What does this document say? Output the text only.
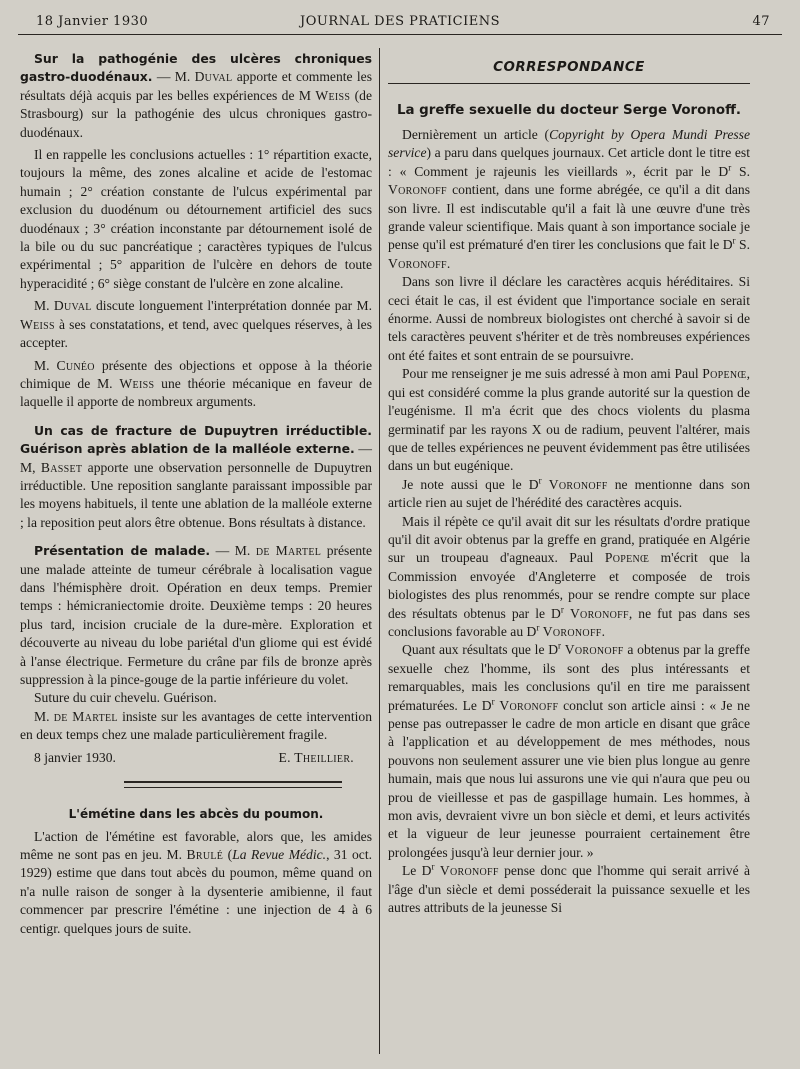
18 Janvier 1930	JOURNAL DES PRATICIENS	47

Sur la pathogénie des ulcères chroniques gastro-duodénaux. — M. Duval apporte et commente les résultats déjà acquis par les belles expériences de M Weiss (de Strasbourg) sur la pathogénie des ulcus chroniques gastro-duodénaux.

Il en rappelle les conclusions actuelles : 1° répartition exacte, toujours la même, des zones alcaline et acide de l'estomac humain ; 2° création constante de l'ulcus expérimental par exclusion du duodénum ou détournement artificiel des sucs duodénaux ; 3° création inconstante par détournement isolé de la bile ou du suc pancréatique ; caractères typiques de l'ulcus expérimental ; 5° apparition de l'ulcère en dehors de toute hyperacidité ; 6° siège constant de l'ulcère en zone alcaline.

M. Duval discute longuement l'interprétation donnée par M. Weiss à ses constatations, et tend, avec quelques réserves, à les accepter.

M. Cunéo présente des objections et oppose à la théorie chimique de M. Weiss une théorie mécanique en faveur de laquelle il apporte de nombreux arguments.

Un cas de fracture de Dupuytren irréductible. Guérison après ablation de la malléole externe. — M, Basset apporte une observation personnelle de Dupuytren irréductible. Une reposition sanglante paraissant impossible par les moyens habituels, il tente une ablation de la malléole externe ; la reposition peut alors être obtenue. Bons résultats à distance.

Présentation de malade. — M. de Martel présente une malade atteinte de tumeur cérébrale à localisation vague dans l'hémisphère droit. Opération en deux temps. Premier temps : hémicraniectomie droite. Deuxième temps : 20 heures plus tard, incision cruciale de la dure-mère. Exploration et découverte au niveau du lobe pariétal d'un gliome qui est évidé à l'anse électrique. Fermeture du crâne par fils de bronze après suppression à la pince-gouge de la partie inférieure du volet.

Suture du cuir chevelu. Guérison.

M. de Martel insiste sur les avantages de cette intervention en deux temps chez une malade particulièrement fragile.

8 janvier 1930.	E. Theillier.
L'émétine dans les abcès du poumon.

L'action de l'émétine est favorable, alors que, les amides même ne sont pas en jeu. M. Brulé (La Revue Médic., 31 oct. 1929) estime que dans tout abcès du poumon, même quand on n'a nulle raison de songer à la dysenterie amibienne, il faut commencer par prescrire l'émétine : une injection de 4 à 6 centigr. quelques jours de suite.

CORRESPONDANCE
La greffe sexuelle du docteur Serge Voronoff.

Dernièrement un article (Copyright by Opera Mundi Presse service) a paru dans quelques journaux. Cet article dont le titre est : « Comment je rajeunis les vieillards », écrit par le $D^r$ S. Voronoff contient, dans une forme abrégée, ce qu'il a dit dans son livre. Il est indiscutable qu'il a fait là une œuvre d'une très grande valeur scientifique. Mais quant à son importance sociale je pense qu'il est prématuré d'en tirer les conclusions que fait le $D^r$ S. Voronoff.

Dans son livre il déclare les caractères acquis héréditaires. Si ceci était le cas, il est évident que l'importance sociale en serait énorme. Aussi de nombreux biologistes ont cherché à savoir si de tels caractères peuvent s'hériter et de très nombreuses expériences ont été faites et sont entrain de se poursuivre.

Pour me renseigner je me suis adressé à mon ami Paul Popenœ, qui est considéré comme la plus grande autorité sur la question de l'eugénisme. Il m'a écrit que des chocs violents du plasma germinatif par les rayons X ou de radium, peuvent l'altérer, mais que de telles expériences ne peuvent évidemment pas être utilisées dans un but eugénique.

Je note aussi que le $D^r$ Voronoff ne mentionne dans son article rien au sujet de l'hérédité des caractères acquis.

Mais il répète ce qu'il avait dit sur les résultats d'ordre pratique qu'il dit avoir obtenus par la greffe en grand, pratiquée en Algérie sur un troupeau d'agneaux. Paul Popenœ m'écrit que la Commission envoyée d'Angleterre et composée de trois biologistes des plus renommés, pour se rendre compte sur place des résultats obtenus par le $D^r$ Voronoff, ne fut pas dans ses conclusions favorable au $D^r$ Voronoff.

Quant aux résultats que le $D^r$ Voronoff a obtenus par la greffe sexuelle chez l'homme, ils sont des plus intéressants et remarquables, mais les conclusions qu'il en tire me paraissent prématurées. Le $D^r$ Voronoff conclut son article ainsi : « Je ne pense pas outrepasser le cadre de mon article en disant que grâce à l'application et au développement de mes méthodes, nous pouvons non seulement assurer une vie bien plus longue au genre humain, mais que nous lui assurons une vie qui n'aura que peu ou prou de vieillesse et pas de gaspillage humain. Les hommes, à mon avis, devraient vivre un bon siècle et demi, et leurs activités et la vigueur de leur jeunesse pourraient certainement être prolongées jusqu'à leur dernier jour. »

Le $D^r$ Voronoff pense donc que l'homme qui serait arrivé à l'âge d'un siècle et demi posséderait la puissance sexuelle et les autres attributs de la jeunesse Si
